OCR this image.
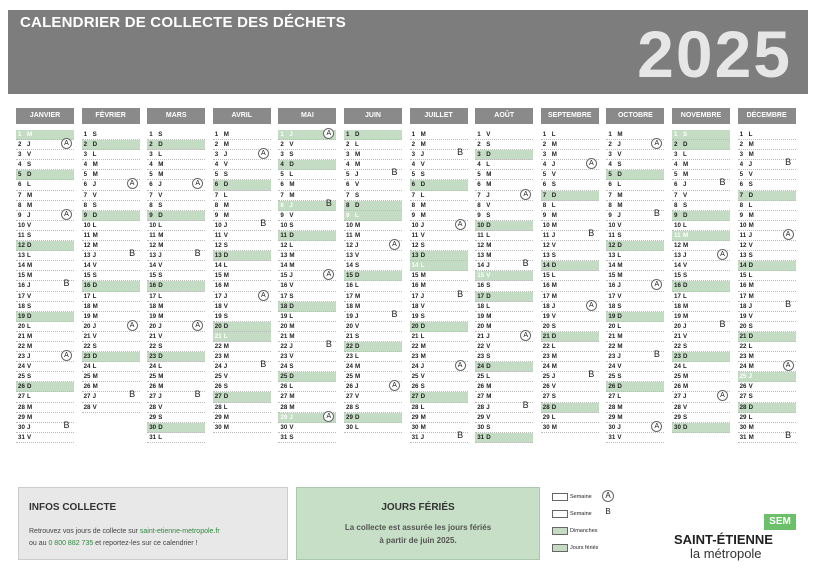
CALENDRIER DE COLLECTE DES DÉCHETS	2025
JANVIER
1 M
2 J	A
3 V
4 S
5 D
6 L
7 M
8 M
9 J	A
10 V
11 S
12 D
13 L
14 M
15 M
16 J	B
17 V
18 S
19 D
20 L
21 M
22 M
23 J	A
24 V
25 S
26 D
27 L
28 M
29 M
30 J	B
31 V
FÉVRIER
1 S
2 D
3 L
4 M
5 M
6 J	A
7 V
8 S
9 D
10 L
11 M
12 M
13 J	B
14 V
15 S
16 D
17 L
18 M
19 M
20 J	A
21 V
22 S
23 D
24 L
25 M
26 M
27 J	B
28 V
MARS
1 S
2 D
3 L
4 M
5 M
6 J	A
7 V
8 S
9 D
10 L
11 M
12 M
13 J	B
14 V
15 S
16 D
17 L
18 M
19 M
20 J	A
21 V
22 S
23 D
24 L
25 M
26 M
27 J	B
28 V
29 S
30 D
31 L
AVRIL
1 M
2 M
3 J	A
4 V
5 S
6 D
7 L
8 M
9 M
10 J	B
11 V
12 S
13 D
14 L
15 M
16 M
17 J	A
18 V
19 S
20 D
21 L
22 M
23 M
24 J	B
25 V
26 S
27 D
28 L
29 M
30 M
MAI
1 J	A
2 V
3 S
4 D
5 L
6 M
7 M
8 J	B
9 V
10 S
11 D
12 L
13 M
14 M
15 J	A
16 V
17 S
18 D
19 L
20 M
21 M
22 J	B
23 V
24 S
25 D
26 L
27 M
28 M
29 J	A
30 V
31 S
JUIN
1 D
2 L
3 M
4 M
5 J	B
6 V
7 S
8 D
9 L
10 M
11 M
12 J	A
13 V
14 S
15 D
16 L
17 M
18 M
19 J	B
20 V
21 S
22 D
23 L
24 M
25 M
26 J	A
27 V
28 S
29 D
30 L
JUILLET
1 M
2 M
3 J	B
4 V
5 S
6 D
7 L
8 M
9 M
10 J	A
11 V
12 S
13 D
14 L
15 M
16 M
17 J	B
18 V
19 S
20 D
21 L
22 M
23 M
24 J	A
25 V
26 S
27 D
28 L
29 M
30 M
31 J	B
AOÛT
1 V
2 S
3 D
4 L
5 M
6 M
7 J	A
8 V
9 S
10 D
11 L
12 M
13 M
14 J	B
15 V
16 S
17 D
18 L
19 M
20 M
21 J	A
22 V
23 S
24 D
25 L
26 M
27 M
28 J	B
29 V
30 S
31 D
SEPTEMBRE
1 L
2 M
3 M
4 J	A
5 V
6 S
7 D
8 L
9 M
10 M
11 J	B
12 V
13 S
14 D
15 L
16 M
17 M
18 J	A
19 V
20 S
21 D
22 L
23 M
24 M
25 J	B
26 V
27 S
28 D
29 L
30 M
OCTOBRE
1 M
2 J	A
3 V
4 S
5 D
6 L
7 M
8 M
9 J	B
10 V
11 S
12 D
13 L
14 M
15 M
16 J	A
17 V
18 S
19 D
20 L
21 M
22 M
23 J	B
24 V
25 S
26 D
27 L
28 M
29 M
30 J	A
31 V
NOVEMBRE
1 S
2 D
3 L
4 M
5 M
6 J	B
7 V
8 S
9 D
10 L
11 M
12 M
13 J	A
14 V
15 S
16 D
17 L
18 M
19 M
20 J	B
21 V
22 S
23 D
24 L
25 M
26 M
27 J	A
28 V
29 S
30 D
DÉCEMBRE
1 L
2 M
3 M
4 J	B
5 V
6 S
7 D
8 L
9 M
10 M
11 J	A
12 V
13 S
14 D
15 L
16 M
17 M
18 J	B
19 V
20 S
21 D
22 L
23 M
24 M	A
25 J
26 V
27 S
28 D
29 L
30 M
31 M	B
INFOS COLLECTE
Retrouvez vos jours de collecte sur saint-etienne-metropole.fr
ou au 0 800 882 735 et reportez-les sur ce calendrier !
JOURS FÉRIÉS
La collecte est assurée les jours fériés
à partir de juin 2025.
Semaine	A
Semaine	B
Dimanches
Jours fériés
SEM
SAINT-ÉTIENNE
la métropole
